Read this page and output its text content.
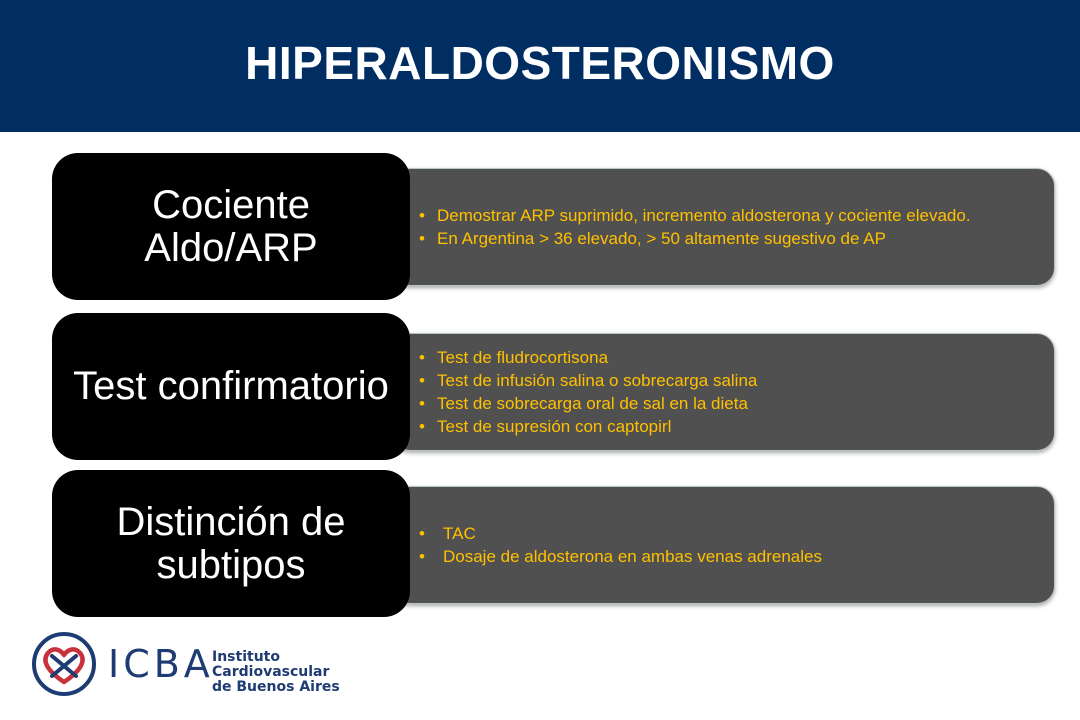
HIPERALDOSTERONISMO
• Demostrar ARP suprimido, incremento aldosterona y cociente elevado.
• En Argentina > 36 elevado, > 50 altamente sugestivo de AP
Cociente Aldo/ARP
• Test de fludrocortisona
• Test de infusión salina o sobrecarga salina
• Test de sobrecarga oral de sal en la dieta
• Test de supresión con captopirl
Test confirmatorio
• TAC
• Dosaje de aldosterona en ambas venas adrenales
Distinción de subtipos
ICBA
Instituto Cardiovascular
de Buenos Aires
